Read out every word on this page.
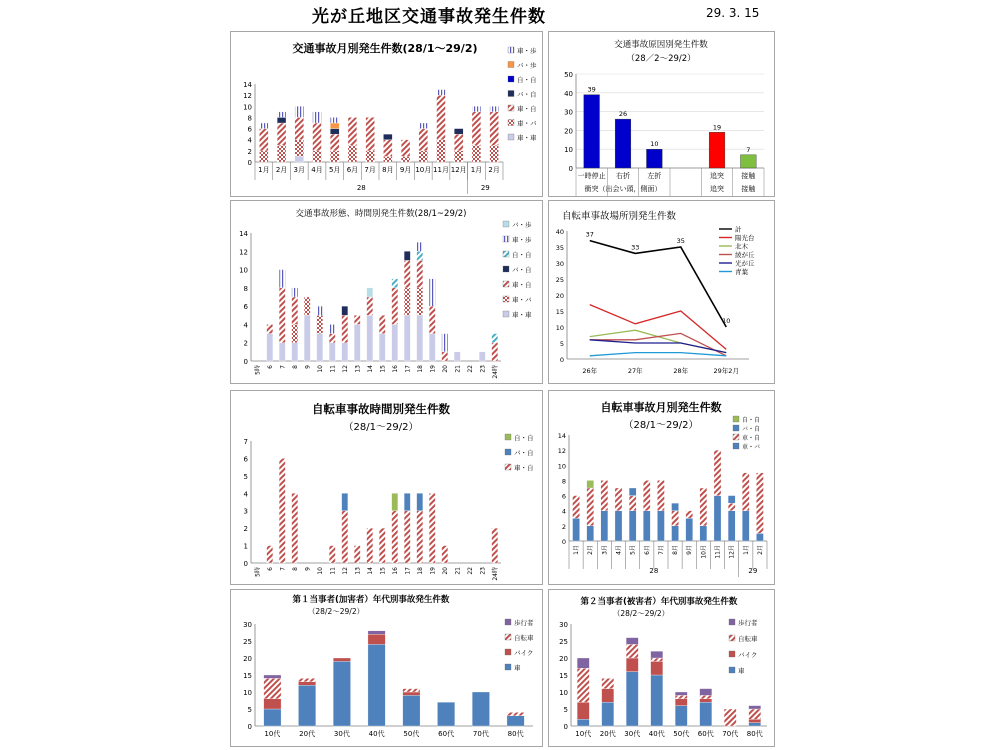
光が丘地区交通事故発生件数	29. 3. 15
交通事故月別発生件数(28/1～29/2)
0
2
4
6
8
10
12
14
1月 2月 3月 4月 5月 6月 7月 8月 9月 10月 11月 12月 1月 2月
28	29
車・歩
バ・歩
自・自
バ・自
車・自
車・バ
車・車
交通事故原因別発生件数
（28／2～29/2）
0
10
20
30
40
50
39
一時停止
26
右折
10
左折
19
追突
7
接触
衝突（出会い頭，側面）	追突 接触
交通事故形態、時間別発生件数(28/1~29/2)
0
2
4
6
8
10
12
14
5時 6 7 8 9 10 11 12 13 14 15 16 17 18 19 20 21 22 23 24時
バ・歩
車・歩
自・自
バ・自
車・自
車・バ
車・車
自転車事故場所別発生件数
0
5
10
15
20
25
30
35
40
26年	27年	28年	29年2月
37
33
35
10
計
陽光台
北木
綾が丘
光が丘
青葉
自転車事故時間別発生件数
（28/1～29/2）
0
1
2
3
4
5
6
7
5時 6 7 8 9 10 11 12 13 14 15 16 17 18 19 20 21 22 23 24時
自・自
バ・自
車・自
自転車事故月別発生件数
（28/1～29/2）
0
2
4
6
8
10
12
14
1月 2月 3月 4月 5月 6月 7月 8月 9月 10月 11月 12月 1月 2月
28	29
自・自
バ・自
車・自
車・バ
第１当事者(加害者）年代別事故発生件数
（28/2～29/2）
0
5
10
15
20
25
30
10代	20代	30代	40代	50代	60代	70代	80代
歩行者
自転車
バイク
車
第２当事者(被害者）年代別事故発生件数
（28/2～29/2）
0
5
10
15
20
25
30
10代 20代 30代 40代 50代 60代 70代 80代
歩行者
自転車
バイク
車
